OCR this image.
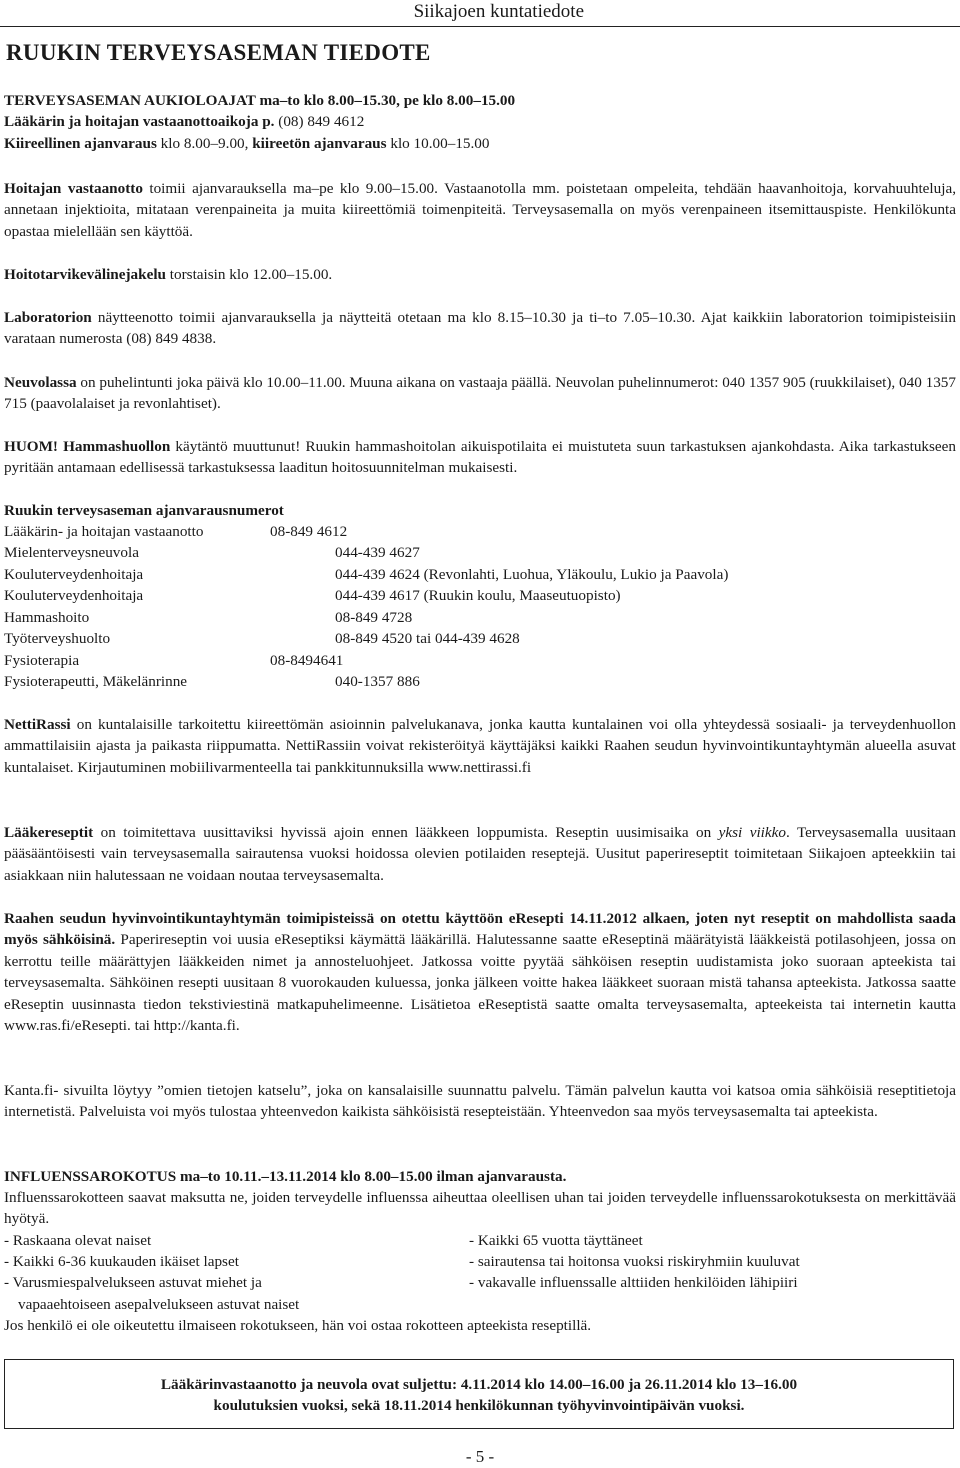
Siikajoen kuntatiedote
RUUKIN TERVEYSASEMAN TIEDOTE
TERVEYSASEMAN AUKIOLOAJAT ma–to klo 8.00–15.30, pe klo 8.00–15.00
Lääkärin ja hoitajan vastaanottoaikoja p. (08) 849 4612
Kiireellinen ajanvaraus klo 8.00–9.00, kiireetön ajanvaraus klo 10.00–15.00

Hoitajan vastaanotto toimii ajanvarauksella ma–pe klo 9.00–15.00. Vastaanotolla mm. poistetaan ompeleita, tehdään haavanhoitoja, korvahuuhteluja, annetaan injektioita, mitataan verenpaineita ja muita kiireettömiä toimenpiteitä. Terveysasemalla on myös verenpaineen itsemittauspiste. Henkilökunta opastaa mielellään sen käyttöä.

Hoitotarvikevälinejakelu torstaisin klo 12.00–15.00.

Laboratorion näytteenotto toimii ajanvarauksella ja näytteitä otetaan ma klo 8.15–10.30 ja ti–to 7.05–10.30. Ajat kaikkiin laboratorion toimipisteisiin varataan numerosta (08) 849 4838.

Neuvolassa on puhelintunti joka päivä klo 10.00–11.00. Muuna aikana on vastaaja päällä. Neuvolan puhelinnumerot: 040 1357 905 (ruukkilaiset), 040 1357 715 (paavolalaiset ja revonlahtiset).

HUOM! Hammashuollon käytäntö muuttunut! Ruukin hammashoitolan aikuispotilaita ei muistuteta suun tarkastuksen ajankohdasta. Aika tarkastukseen pyritään antamaan edellisessä tarkastuksessa laaditun hoitosuunnitelman mukaisesti.

Ruukin terveysaseman ajanvarausnumerot
Lääkärin- ja hoitajan vastaanotto	08-849 4612
Mielenterveysneuvola	044-439 4627
Kouluterveydenhoitaja	044-439 4624 (Revonlahti, Luohua, Yläkoulu, Lukio ja Paavola)
Kouluterveydenhoitaja	044-439 4617 (Ruukin koulu, Maaseutuopisto)
Hammashoito	08-849 4728
Työterveyshuolto	08-849 4520 tai 044-439 4628
Fysioterapia	08-8494641
Fysioterapeutti, Mäkelänrinne	040-1357 886

NettiRassi on kuntalaisille tarkoitettu kiireettömän asioinnin palvelukanava, jonka kautta kuntalainen voi olla yhteydessä sosiaali- ja terveydenhuollon ammattilaisiin ajasta ja paikasta riippumatta. NettiRassiin voivat rekisteröityä käyttäjäksi kaikki Raahen seudun hyvinvointikuntayhtymän alueella asuvat kuntalaiset. Kirjautuminen mobiilivarmenteella tai pankkitunnuksilla www.nettirassi.fi

Lääkereseptit on toimitettava uusittaviksi hyvissä ajoin ennen lääkkeen loppumista. Reseptin uusimisaika on yksi viikko. Terveysasemalla uusitaan pääsääntöisesti vain terveysasemalla sairautensa vuoksi hoidossa olevien potilaiden reseptejä. Uusitut paperireseptit toimitetaan Siikajoen apteekkiin tai asiakkaan niin halutessaan ne voidaan noutaa terveysasemalta.

Raahen seudun hyvinvointikuntayhtymän toimipisteissä on otettu käyttöön eResepti 14.11.2012 alkaen, joten nyt reseptit on mahdollista saada myös sähköisinä. Paperireseptin voi uusia eReseptiksi käymättä lääkärillä. Halutessanne saatte eReseptinä määrätyistä lääkkeistä potilasohjeen, jossa on kerrottu teille määrättyjen lääkkeiden nimet ja annosteluohjeet. Jatkossa voitte pyytää sähköisen reseptin uudistamista joko suoraan apteekista tai terveysasemalta. Sähköinen resepti uusitaan 8 vuorokauden kuluessa, jonka jälkeen voitte hakea lääkkeet suoraan mistä tahansa apteekista. Jatkossa saatte eReseptin uusinnasta tiedon tekstiviestinä matkapuhelimeenne. Lisätietoa eReseptistä saatte omalta terveysasemalta, apteekeista tai internetin kautta www.ras.fi/eResepti. tai http://kanta.fi.

Kanta.fi- sivuilta löytyy ”omien tietojen katselu”, joka on kansalaisille suunnattu palvelu. Tämän palvelun kautta voi katsoa omia sähköisiä reseptitietoja internetistä. Palveluista voi myös tulostaa yhteenvedon kaikista sähköisistä resepteistään. Yhteenvedon saa myös terveysasemalta tai apteekista.

INFLUENSSAROKOTUS ma–to 10.11.–13.11.2014 klo 8.00–15.00 ilman ajanvarausta.

Influenssarokotteen saavat maksutta ne, joiden terveydelle influenssa aiheuttaa oleellisen uhan tai joiden terveydelle influenssarokotuksesta on merkittävää hyötyä.

- Raskaana olevat naiset	- Kaikki 65 vuotta täyttäneet
- Kaikki 6-36 kuukauden ikäiset lapset	- sairautensa tai hoitonsa vuoksi riskiryhmiin kuuluvat
- Varusmiespalvelukseen astuvat miehet ja	- vakavalle influenssalle alttiiden henkilöiden lähipiiri
vapaaehtoiseen asepalvelukseen astuvat naiset

Jos henkilö ei ole oikeutettu ilmaiseen rokotukseen, hän voi ostaa rokotteen apteekista reseptillä.

Lääkärinvastaanotto ja neuvola ovat suljettu: 4.11.2014 klo 14.00–16.00 ja 26.11.2014 klo 13–16.00
koulutuksien vuoksi, sekä 18.11.2014 henkilökunnan työhyvinvointipäivän vuoksi.
- 5 -
